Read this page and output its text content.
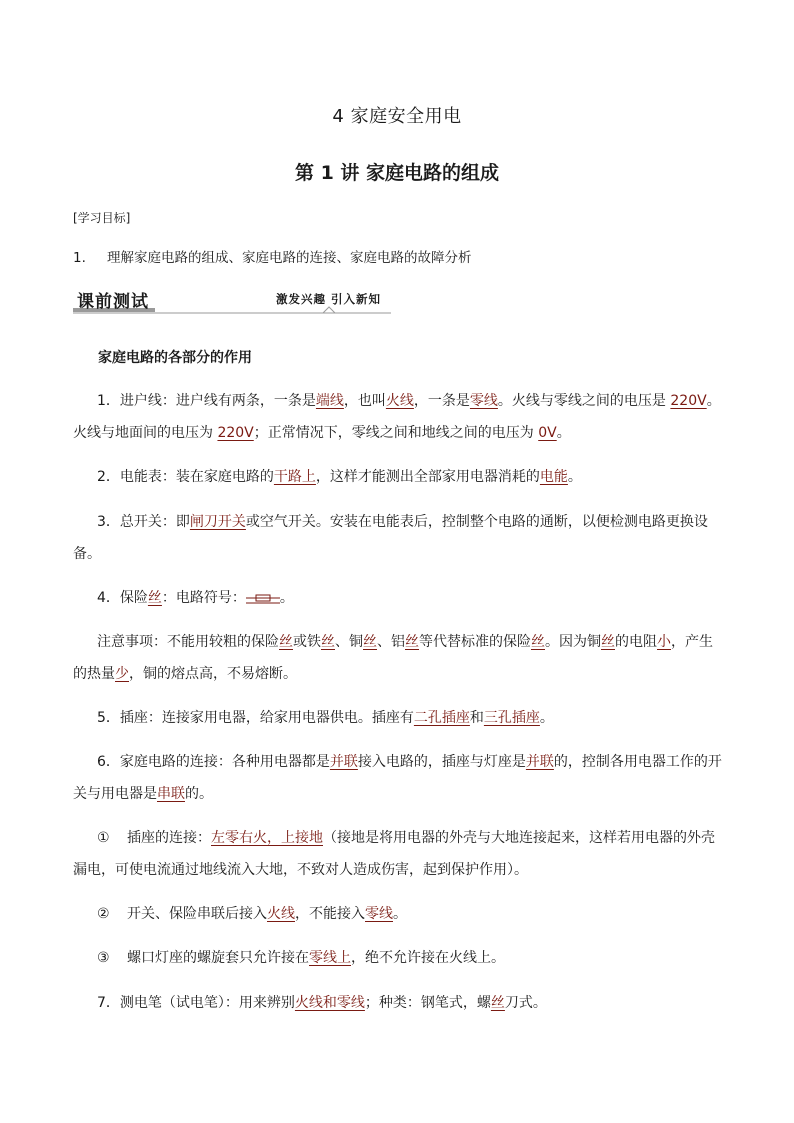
4 家庭安全用电
第 1 讲 家庭电路的组成
[学习目标]
1. 理解家庭电路的组成、家庭电路的连接、家庭电路的故障分析
课前测试	激发兴趣 引入新知
家庭电路的各部分的作用
1．进户线：进户线有两条，一条是端线，也叫火线，一条是零线。火线与零线之间的电压是 220V。火线与地面间的电压为 220V；正常情况下，零线之间和地线之间的电压为 0V。
2．电能表：装在家庭电路的干路上，这样才能测出全部家用电器消耗的电能。
3．总开关：即闸刀开关或空气开关。安装在电能表后，控制整个电路的通断，以便检测电路更换设备。
4．保险丝：电路符号： 。
注意事项：不能用较粗的保险丝或铁丝、铜丝、铝丝等代替标准的保险丝。因为铜丝的电阻小，产生的热量少，铜的熔点高，不易熔断。
5．插座：连接家用电器，给家用电器供电。插座有二孔插座和三孔插座。
6．家庭电路的连接：各种用电器都是并联接入电路的，插座与灯座是并联的，控制各用电器工作的开关与用电器是串联的。
① 插座的连接：左零右火，上接地（接地是将用电器的外壳与大地连接起来，这样若用电器的外壳漏电，可使电流通过地线流入大地，不致对人造成伤害，起到保护作用）。
② 开关、保险串联后接入火线，不能接入零线。
③ 螺口灯座的螺旋套只允许接在零线上，绝不允许接在火线上。
7．测电笔（试电笔）：用来辨别火线和零线；种类：钢笔式，螺丝刀式。
